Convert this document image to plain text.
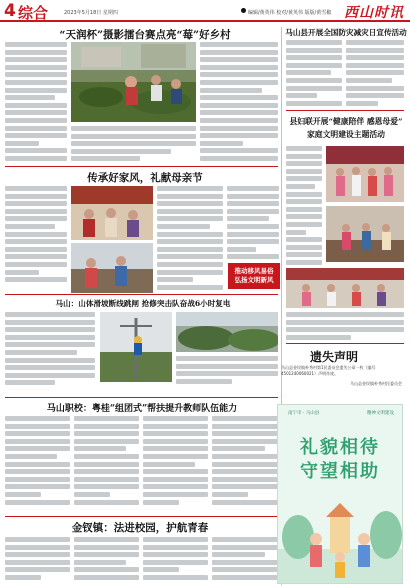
4 综合	2023年5月18日 星期四	编辑/黄英伟 校对/黄英伟 版版/黄雪椒 西山时讯
“天润杯”摄影擂台赛点亮“莓”好乡村
传承好家风，礼献母亲节
推动移风易俗
弘扬文明新风
马山：山体滑坡断线跳闸 抢修突击队奋战6小时复电
马山职校：粤桂“组团式”帮扶提升教师队伍能力
金钗镇：法进校园，护航青春
马山县开展全国防灾减灾日宣传活动
县妇联开展“健康陪伴 感恩母爱”
家庭文明建设主题活动
遗失声明
马山县金钗镇朴秀村第1民委员会遗失公章一枚（编号4501240060021）声明作废。
马山县金钗镇朴秀村民委员会
南宁市 · 马山县	精神文明建设
礼貌相待
守望相助
